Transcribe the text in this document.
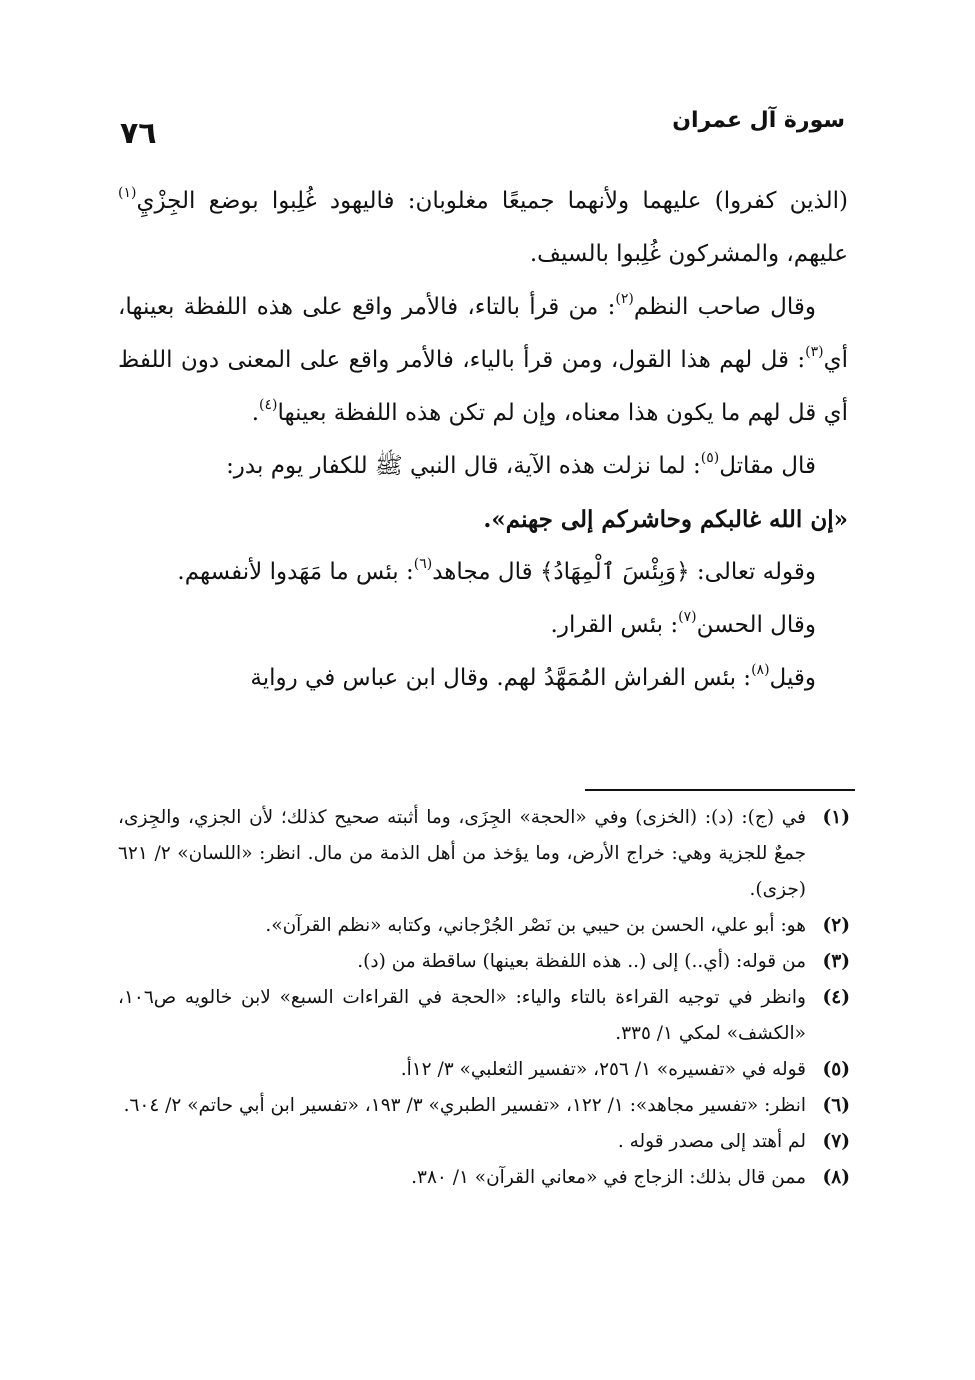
٧٦	سورة آل عمران

(الذين كفروا) عليهما ولأنهما جميعًا مغلوبان: فاليهود غُلِبوا بوضع الجِزْيِ$^{(١)}$ عليهم، والمشركون غُلِبوا بالسيف.

وقال صاحب النظم$^{(٢)}$: من قرأ بالتاء، فالأمر واقع على هذه اللفظة بعينها، أي$^{(٣)}$: قل لهم هذا القول، ومن قرأ بالياء، فالأمر واقع على المعنى دون اللفظ أي قل لهم ما يكون هذا معناه، وإن لم تكن هذه اللفظة بعينها$^{(٤)}$.

قال مقاتل$^{(٥)}$: لما نزلت هذه الآية، قال النبي ﷺ للكفار يوم بدر:

«إن الله غالبكم وحاشركم إلى جهنم».

وقوله تعالى: ﴿وَبِئْسَ ٱلْمِهَادُ﴾ قال مجاهد$^{(٦)}$: بئس ما مَهَدوا لأنفسهم.

وقال الحسن$^{(٧)}$: بئس القرار.

وقيل$^{(٨)}$: بئس الفراش المُمَهَّدُ لهم. وقال ابن عباس في رواية

(١)
في (ج): (د): (الخزى) وفي «الحجة» الجِزَى، وما أثبته صحيح كذلك؛ لأن الجزي، والجِزى، جمعٌ للجزية وهي: خراج الأرض، وما يؤخذ من أهل الذمة من مال. انظر: «اللسان» ٢/ ٦٢١ (جزى).

(٢)
هو: أبو علي، الحسن بن حيبي بن نَصْر الجُرْجاني، وكتابه «نظم القرآن».

(٣)
من قوله: (أي..) إلى (.. هذه اللفظة بعينها) ساقطة من (د).

(٤)
وانظر في توجيه القراءة بالتاء والياء: «الحجة في القراءات السبع» لابن خالويه ص١٠٦، «الكشف» لمكي ١/ ٣٣٥.

(٥)
قوله في «تفسيره» ١/ ٢٥٦، «تفسير الثعلبي» ٣/ ١٢أ.

(٦)
انظر: «تفسير مجاهد»: ١/ ١٢٢، «تفسير الطبري» ٣/ ١٩٣، «تفسير ابن أبي حاتم» ٢/ ٦٠٤.

(٧)
لم أهتد إلى مصدر قوله .

(٨)
ممن قال بذلك: الزجاج في «معاني القرآن» ١/ ٣٨٠.
